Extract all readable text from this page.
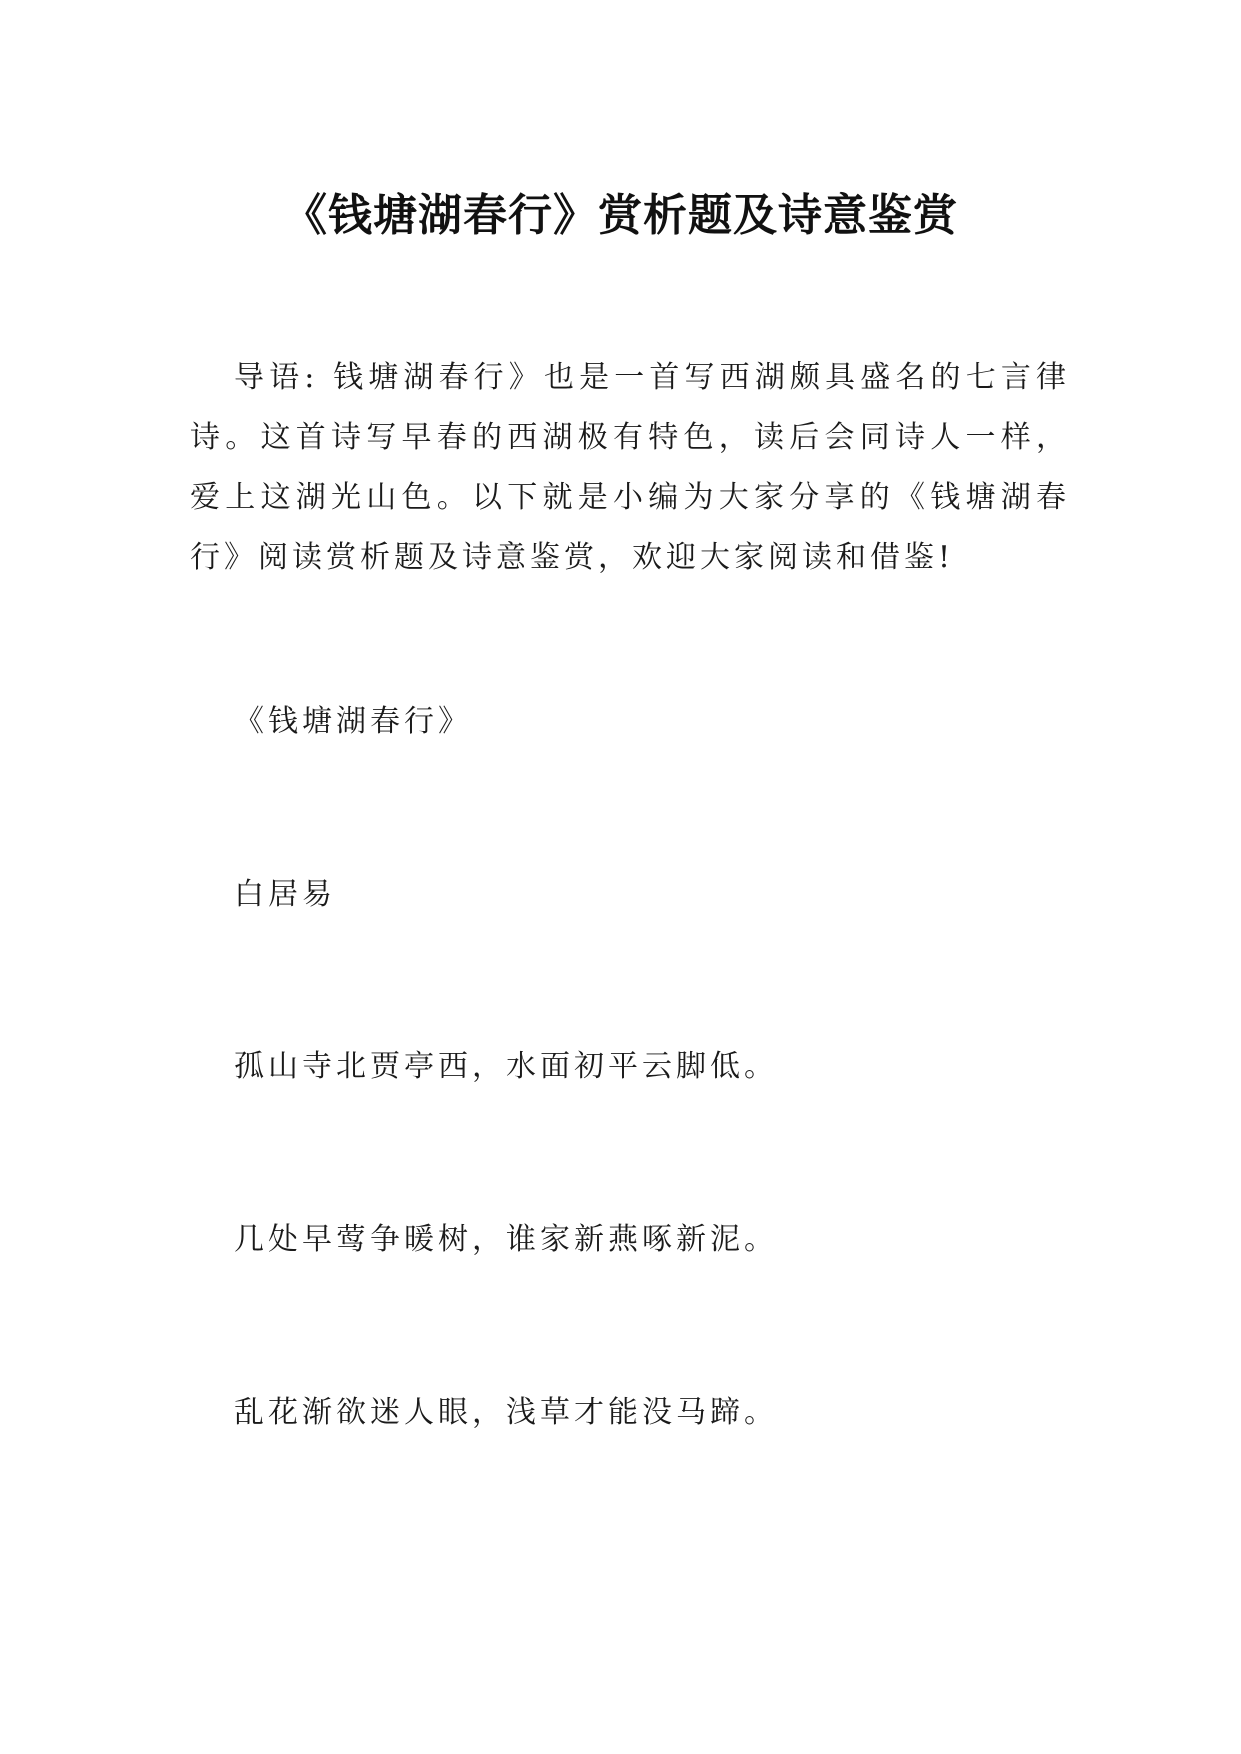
《钱塘湖春行》赏析题及诗意鉴赏

导语: 钱塘湖春行》也是一首写西湖颇具盛名的七言律诗。这首诗写早春的西湖极有特色，读后会同诗人一样，爱上这湖光山色。以下就是小编为大家分享的《钱塘湖春行》阅读赏析题及诗意鉴赏，欢迎大家阅读和借鉴!

《钱塘湖春行》

白居易

孤山寺北贾亭西，水面初平云脚低。

几处早莺争暖树，谁家新燕啄新泥。

乱花渐欲迷人眼，浅草才能没马蹄。
